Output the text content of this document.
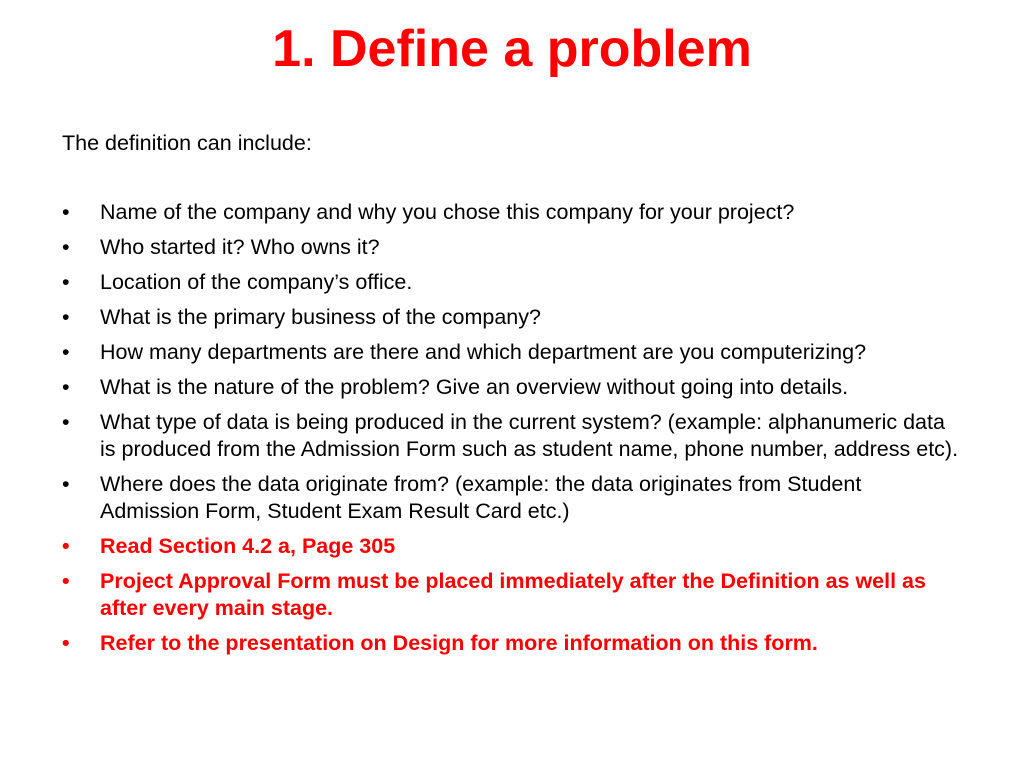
1. Define a problem

The definition can include:

•	Name of the company and why you chose this company for your project?
•	Who started it? Who owns it?
•	Location of the company’s office.
•	What is the primary business of the company?
•	How many departments are there and which department are you computerizing?
•	What is the nature of the problem? Give an overview without going into details.
•	What type of data is being produced in the current system? (example: alphanumeric data is produced from the Admission Form such as student name, phone number, address etc).
•	Where does the data originate from? (example: the data originates from Student Admission Form, Student Exam Result Card etc.)
•	Read Section 4.2 a, Page 305
•	Project Approval Form must be placed immediately after the Definition as well as after every main stage.
•	Refer to the presentation on Design for more information on this form.
